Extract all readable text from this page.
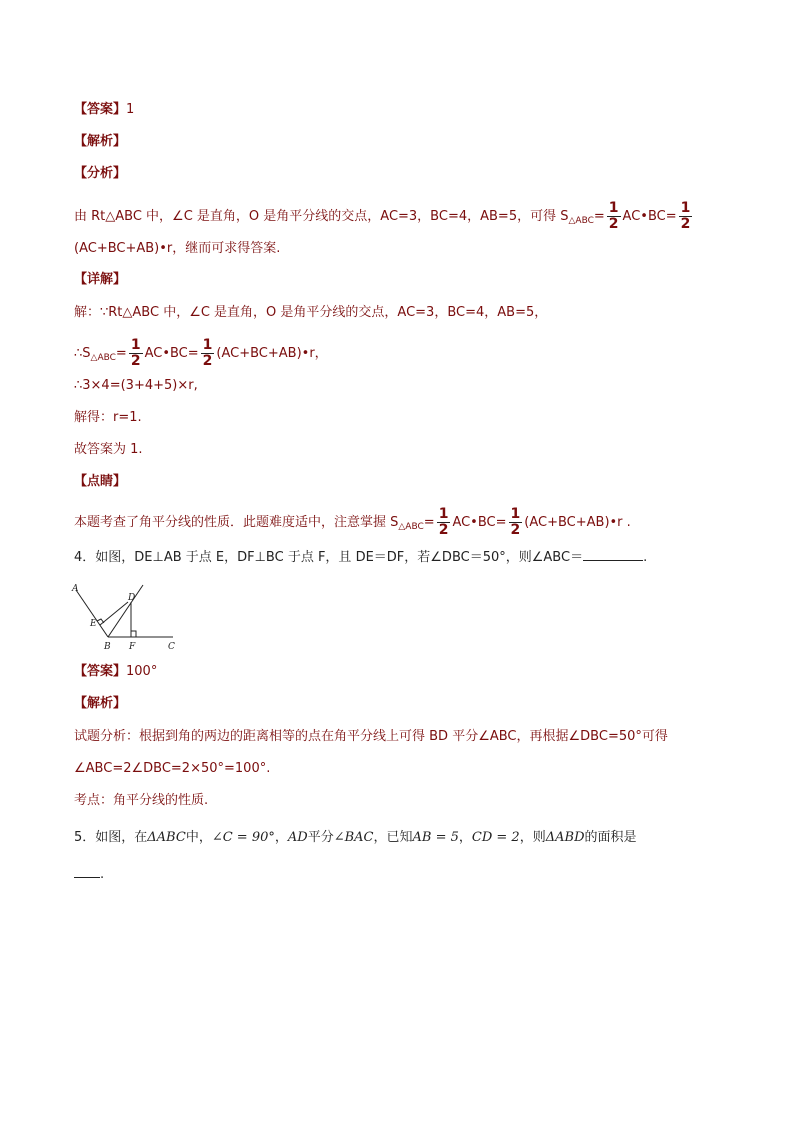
【答案】1
【解析】
【分析】
由 Rt△ABC 中，∠C 是直角，O 是角平分线的交点，AC=3，BC=4，AB=5，可得 $S_{\triangle ABC}= \frac{1}{2}$ AC•BC= $\frac{1}{2}$
(AC+BC+AB)•r，继而可求得答案.
【详解】
解：∵Rt△ABC 中，∠C 是直角，O 是角平分线的交点，AC=3，BC=4，AB=5，
$\therefore S_{\triangle ABC}= \frac{1}{2}$ AC•BC= $\frac{1}{2}$ (AC+BC+AB)•r，
∴3×4=(3+4+5)×r,
解得：r=1.
故答案为 1.
【点睛】
本题考查了角平分线的性质．此题难度适中，注意掌握 $S_{\triangle ABC}= \frac{1}{2}$ AC•BC= $\frac{1}{2}$ (AC+BC+AB)•r .
4．如图，DE⊥AB 于点 E，DF⊥BC 于点 F，且 DE＝DF，若∠DBC＝50°，则∠ABC＝	.
A
D
E
B F	C
【答案】100°
【解析】
试题分析：根据到角的两边的距离相等的点在角平分线上可得 BD 平分∠ABC，再根据∠DBC=50°可得
∠ABC=2∠DBC=2×50°=100°.
考点：角平分线的性质.
5．如图，在ΔABC中，∠C = 90°，AD平分∠BAC，已知AB = 5，CD = 2，则ΔABD的面积是
.
